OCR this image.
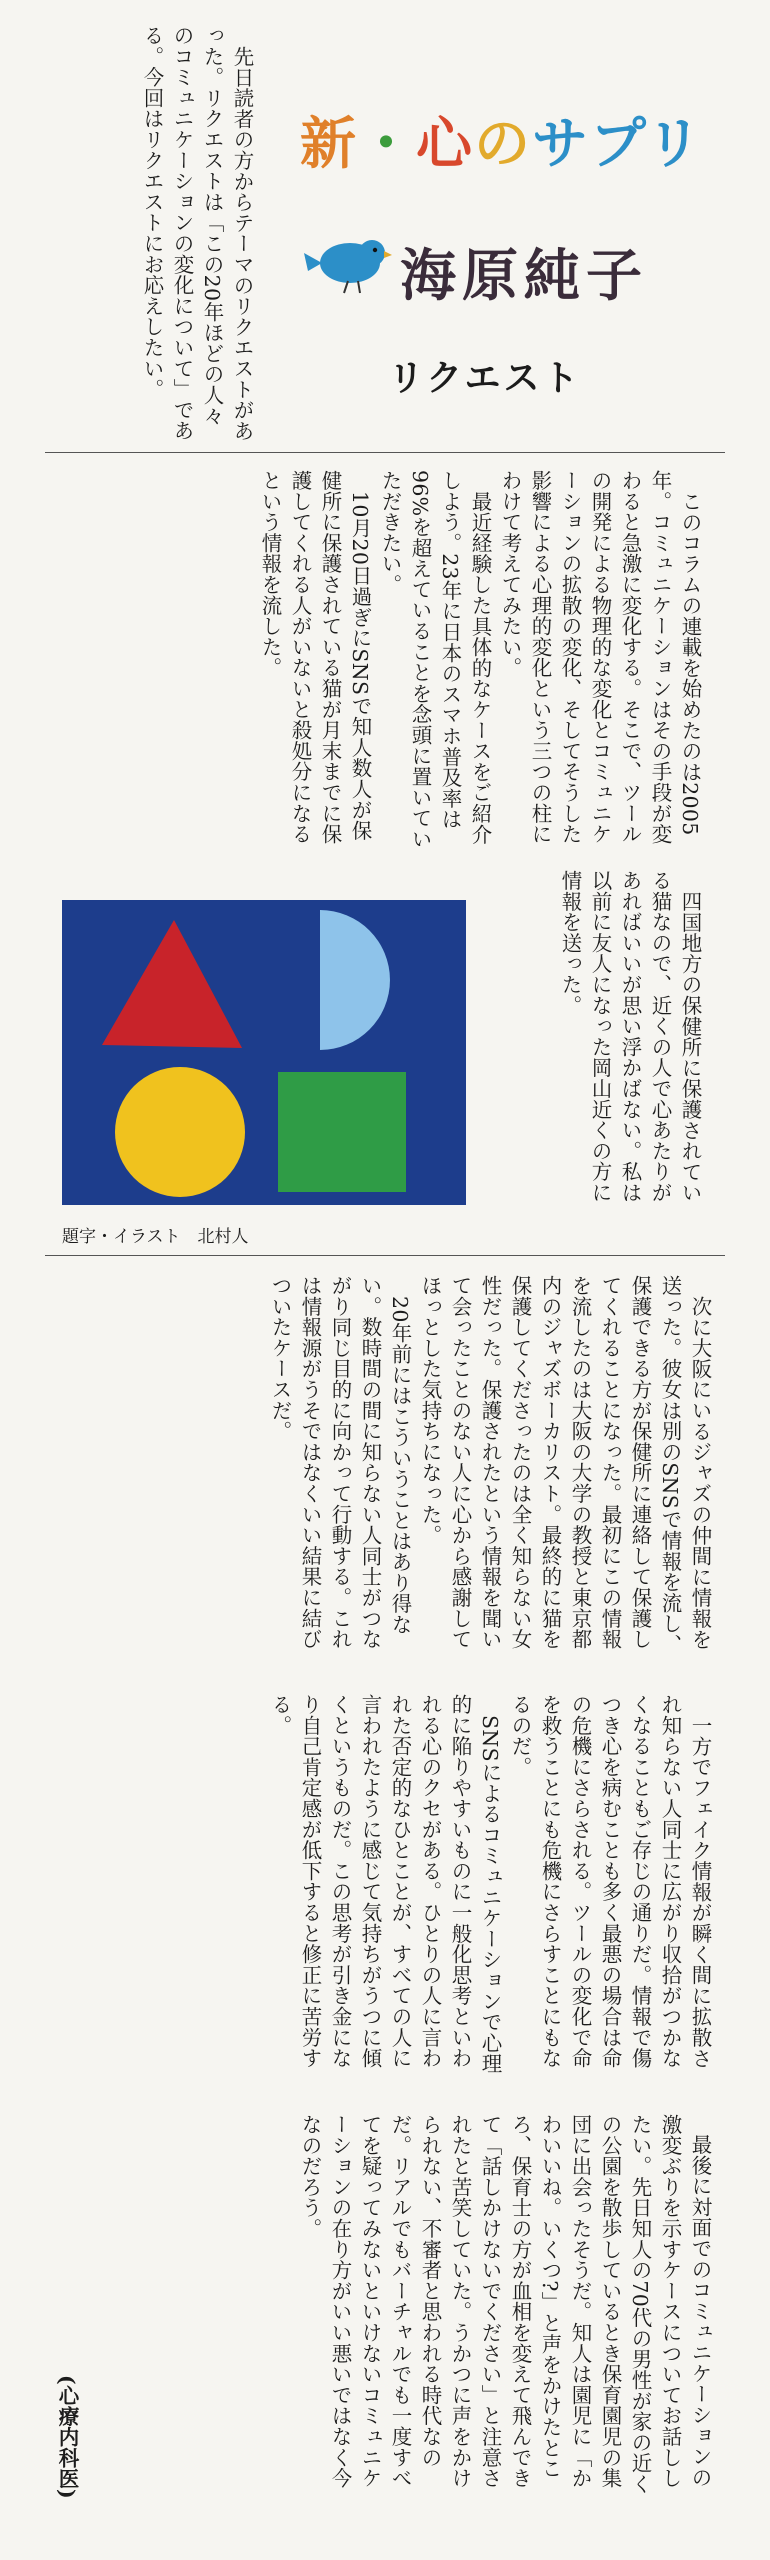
新・心のサプリ
海原純子
リクエスト

先日読者の方からテーマのリクエストがあった。リクエストは「この20年ほどの人々のコミュニケーションの変化について」である。今回はリクエストにお応えしたい。

このコラムの連載を始めたのは2005年。コミュニケーションはその手段が変わると急激に変化する。そこで、ツールの開発による物理的な変化とコミュニケーションの拡散の変化、そしてそうした影響による心理的変化という三つの柱にわけて考えてみたい。

最近経験した具体的なケースをご紹介しよう。23年に日本のスマホ普及率は96%を超えていることを念頭に置いていただきたい。

10月20日過ぎにSNSで知人数人が保健所に保護されている猫が月末までに保護してくれる人がいないと殺処分になるという情報を流した。

四国地方の保健所に保護されている猫なので、近くの人で心あたりがあればいいが思い浮かばない。私は以前に友人になった岡山近くの方に情報を送った。

題字・イラスト　北村人

次に大阪にいるジャズの仲間に情報を送った。彼女は別のSNSで情報を流し、保護できる方が保健所に連絡して保護してくれることになった。最初にこの情報を流したのは大阪の大学の教授と東京都内のジャズボーカリスト。最終的に猫を保護してくださったのは全く知らない女性だった。保護されたという情報を聞いて会ったことのない人に心から感謝してほっとした気持ちになった。

20年前にはこういうことはあり得ない。数時間の間に知らない人同士がつながり同じ目的に向かって行動する。これは情報源がうそではなくいい結果に結びついたケースだ。

一方でフェイク情報が瞬く間に拡散され知らない人同士に広がり収拾がつかなくなることもご存じの通りだ。情報で傷つき心を病むことも多く最悪の場合は命の危機にさらされる。ツールの変化で命を救うことにも危機にさらすことにもなるのだ。

SNSによるコミュニケーションで心理的に陥りやすいものに一般化思考といわれる心のクセがある。ひとりの人に言われた否定的なひとことが、すべての人に言われたように感じて気持ちがうつに傾くというものだ。この思考が引き金になり自己肯定感が低下すると修正に苦労する。

最後に対面でのコミュニケーションの激変ぶりを示すケースについてお話ししたい。先日知人の70代の男性が家の近くの公園を散歩しているとき保育園児の集団に出会ったそうだ。知人は園児に「かわいいね。いくつ?」と声をかけたところ、保育士の方が血相を変えて飛んできて「話しかけないでください」と注意されたと苦笑していた。うかつに声をかけられない、不審者と思われる時代なのだ。リアルでもバーチャルでも一度すべてを疑ってみないといけないコミュニケーションの在り方がいい悪いではなく今なのだろう。

(心療内科医)
